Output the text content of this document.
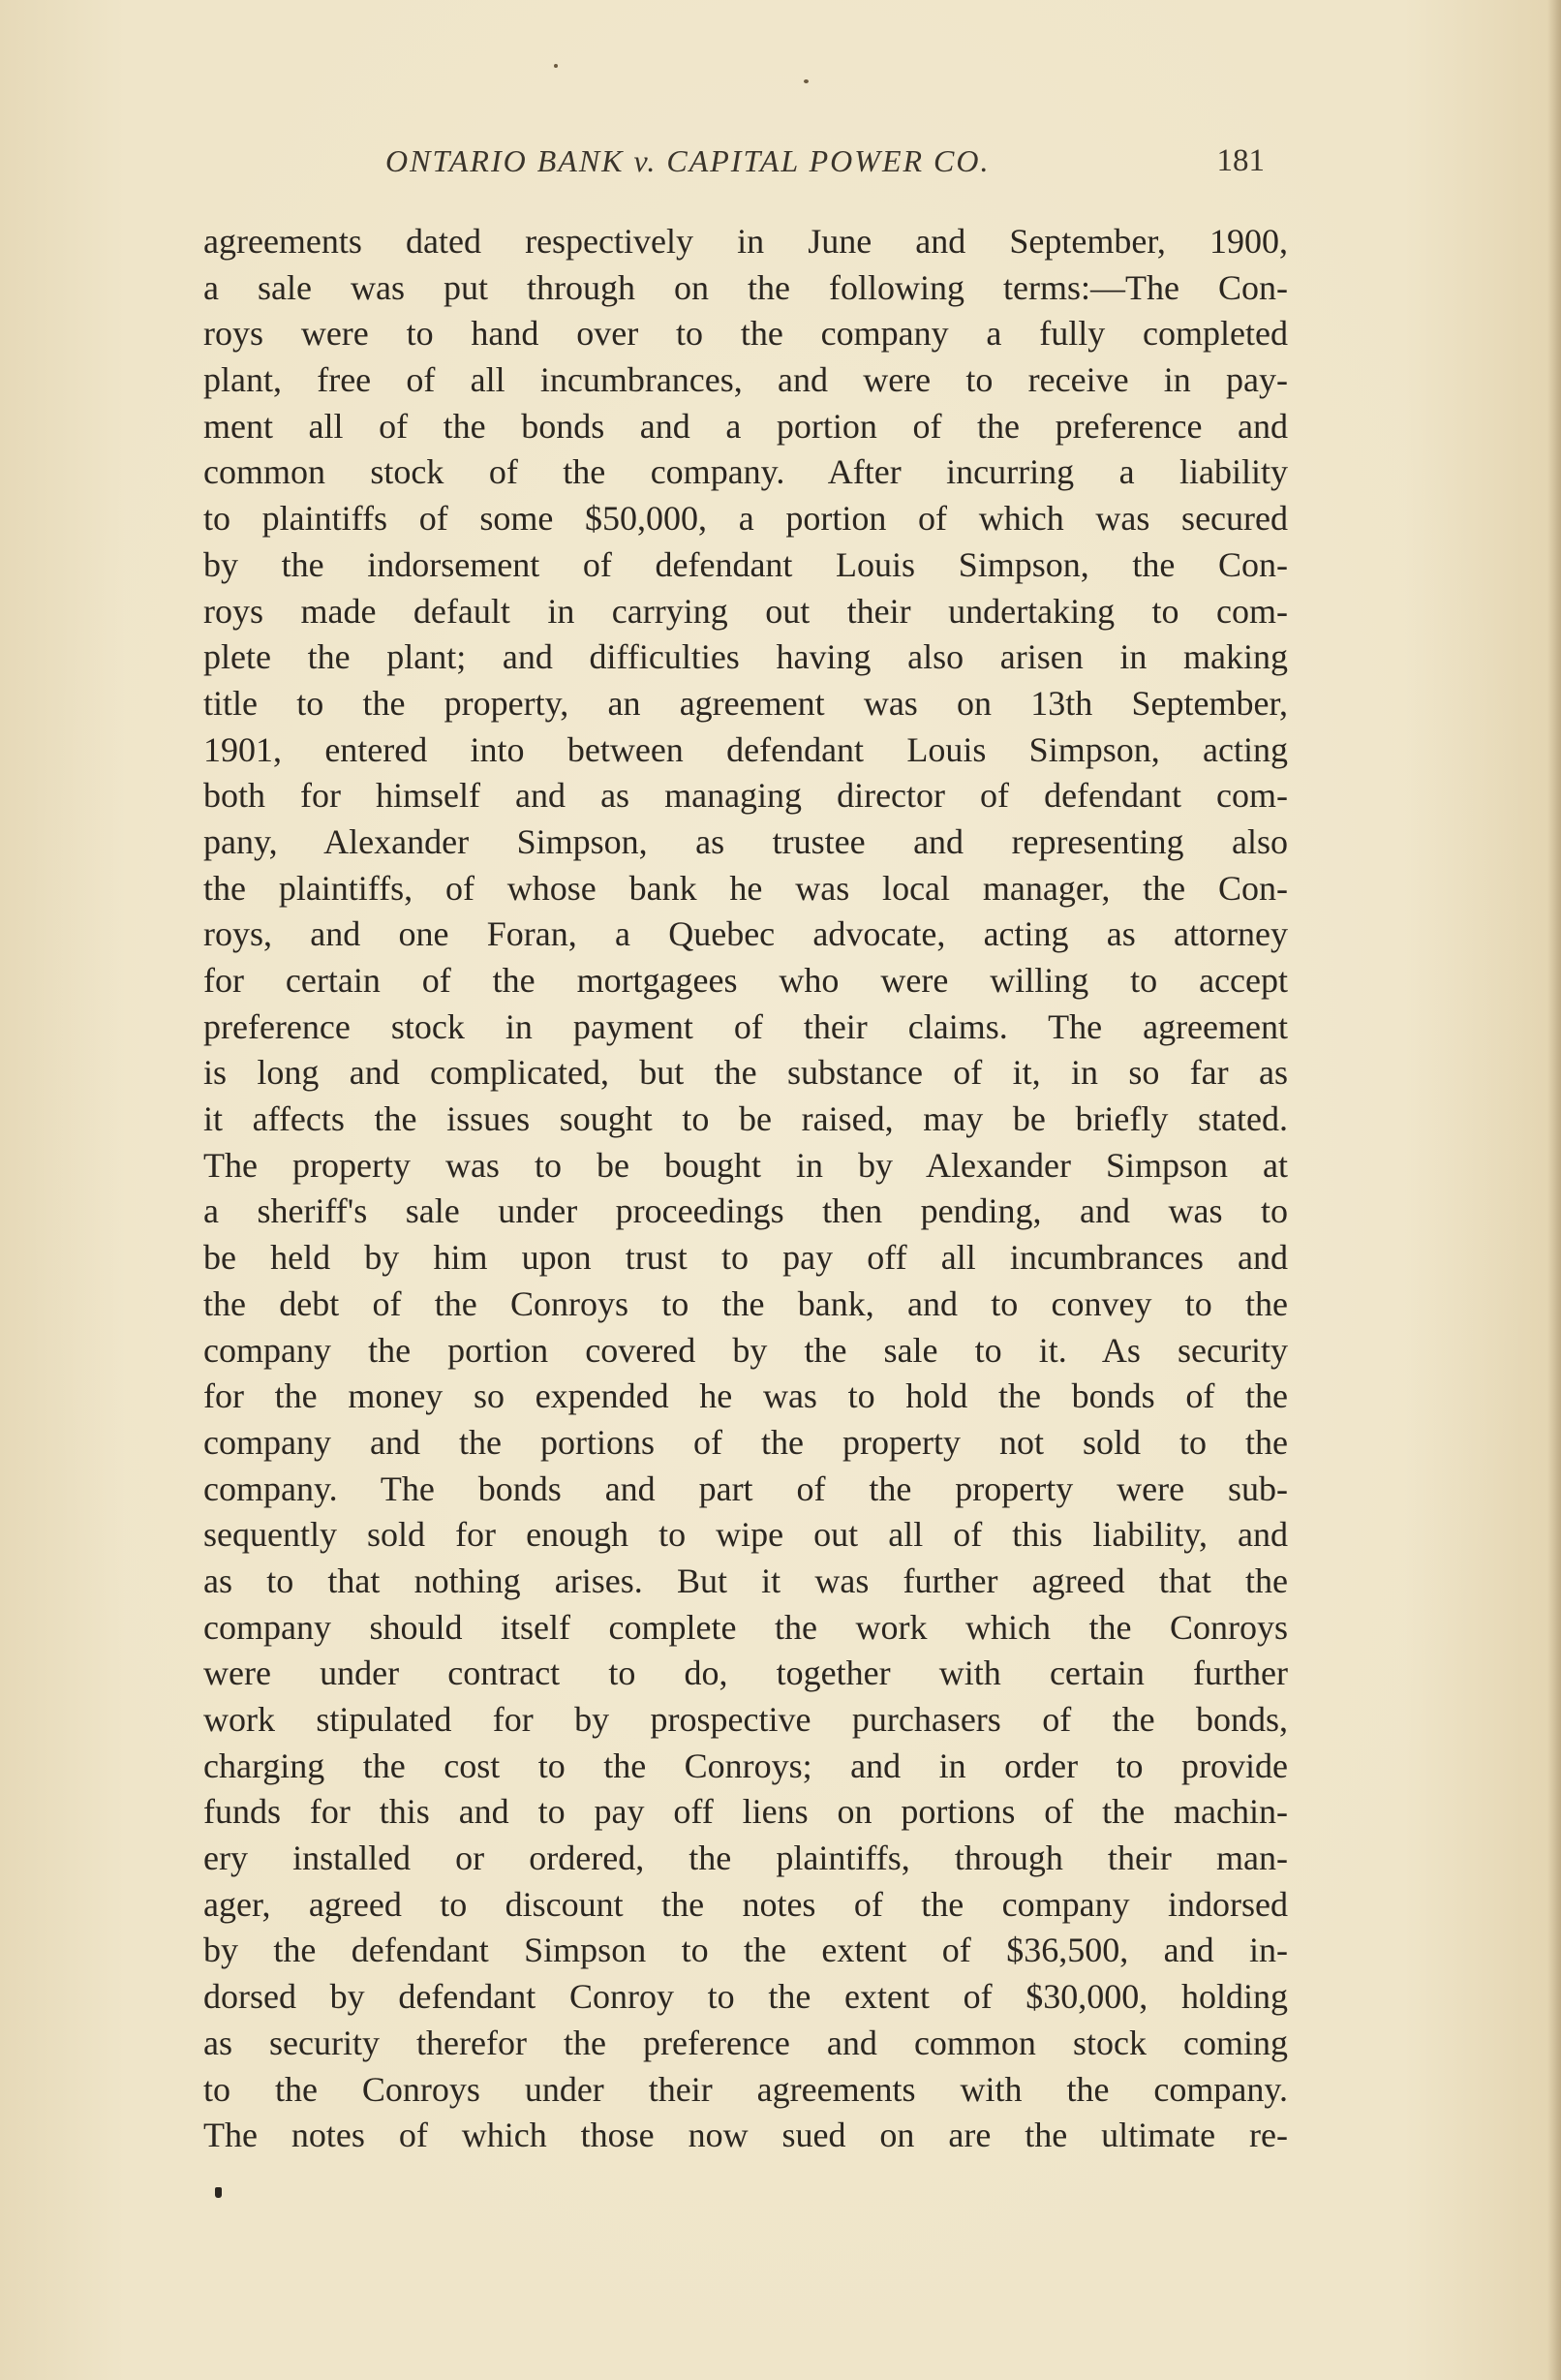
ONTARIO BANK v. CAPITAL POWER CO.	181
agreements dated respectively in June and September, 1900,
a sale was put through on the following terms:—The Con-
roys were to hand over to the company a fully completed
plant, free of all incumbrances, and were to receive in pay-
ment all of the bonds and a portion of the preference and
common stock of the company. After incurring a liability
to plaintiffs of some $50,000, a portion of which was secured
by the indorsement of defendant Louis Simpson, the Con-
roys made default in carrying out their undertaking to com-
plete the plant; and difficulties having also arisen in making
title to the property, an agreement was on 13th September,
1901, entered into between defendant Louis Simpson, acting
both for himself and as managing director of defendant com-
pany, Alexander Simpson, as trustee and representing also
the plaintiffs, of whose bank he was local manager, the Con-
roys, and one Foran, a Quebec advocate, acting as attorney
for certain of the mortgagees who were willing to accept
preference stock in payment of their claims. The agreement
is long and complicated, but the substance of it, in so far as
it affects the issues sought to be raised, may be briefly stated.
The property was to be bought in by Alexander Simpson at
a sheriff's sale under proceedings then pending, and was to
be held by him upon trust to pay off all incumbrances and
the debt of the Conroys to the bank, and to convey to the
company the portion covered by the sale to it. As security
for the money so expended he was to hold the bonds of the
company and the portions of the property not sold to the
company. The bonds and part of the property were sub-
sequently sold for enough to wipe out all of this liability, and
as to that nothing arises. But it was further agreed that the
company should itself complete the work which the Conroys
were under contract to do, together with certain further
work stipulated for by prospective purchasers of the bonds,
charging the cost to the Conroys; and in order to provide
funds for this and to pay off liens on portions of the machin-
ery installed or ordered, the plaintiffs, through their man-
ager, agreed to discount the notes of the company indorsed
by the defendant Simpson to the extent of $36,500, and in-
dorsed by defendant Conroy to the extent of $30,000, holding
as security therefor the preference and common stock coming
to the Conroys under their agreements with the company.
The notes of which those now sued on are the ultimate re-
